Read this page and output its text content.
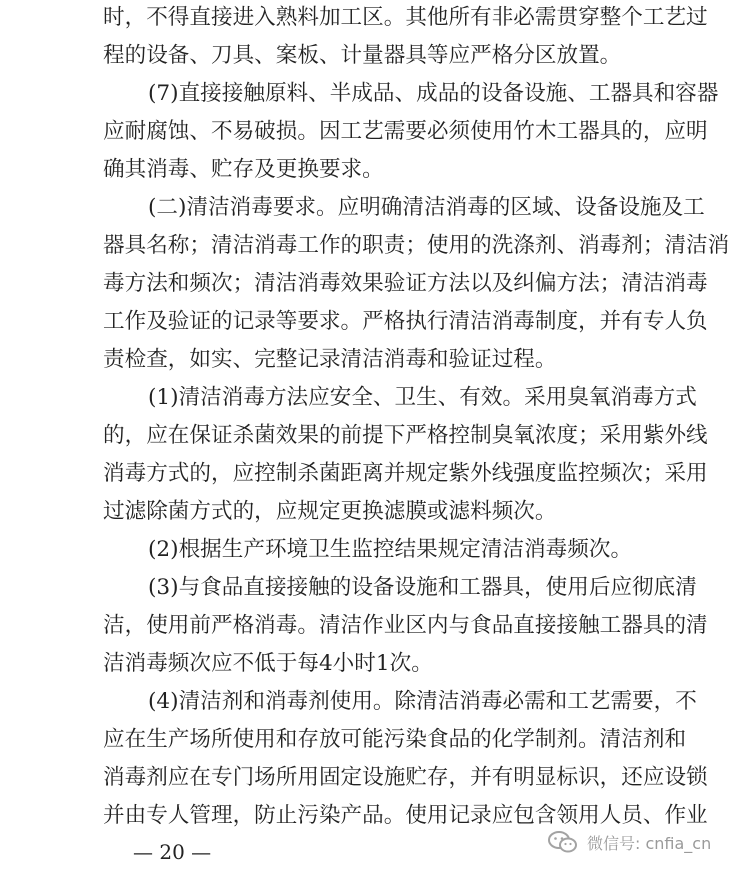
时，不得直接进入熟料加工区。其他所有非必需贯穿整个工艺过
程的设备、刀具、案板、计量器具等应严格分区放置。
(7)直接接触原料、半成品、成品的设备设施、工器具和容器
应耐腐蚀、不易破损。因工艺需要必须使用竹木工器具的，应明
确其消毒、贮存及更换要求。
(二)清洁消毒要求。应明确清洁消毒的区域、设备设施及工
器具名称；清洁消毒工作的职责；使用的洗涤剂、消毒剂；清洁消
毒方法和频次；清洁消毒效果验证方法以及纠偏方法；清洁消毒
工作及验证的记录等要求。严格执行清洁消毒制度，并有专人负
责检查，如实、完整记录清洁消毒和验证过程。
(1)清洁消毒方法应安全、卫生、有效。采用臭氧消毒方式
的，应在保证杀菌效果的前提下严格控制臭氧浓度；采用紫外线
消毒方式的，应控制杀菌距离并规定紫外线强度监控频次；采用
过滤除菌方式的，应规定更换滤膜或滤料频次。
(2)根据生产环境卫生监控结果规定清洁消毒频次。
(3)与食品直接接触的设备设施和工器具，使用后应彻底清
洁，使用前严格消毒。清洁作业区内与食品直接接触工器具的清
洁消毒频次应不低于每4小时1次。
(4)清洁剂和消毒剂使用。除清洁消毒必需和工艺需要，不
应在生产场所使用和存放可能污染食品的化学制剂。清洁剂和
消毒剂应在专门场所用固定设施贮存，并有明显标识，还应设锁
并由专人管理，防止污染产品。使用记录应包含领用人员、作业
— 20 —	微信号: cnfia_cn
